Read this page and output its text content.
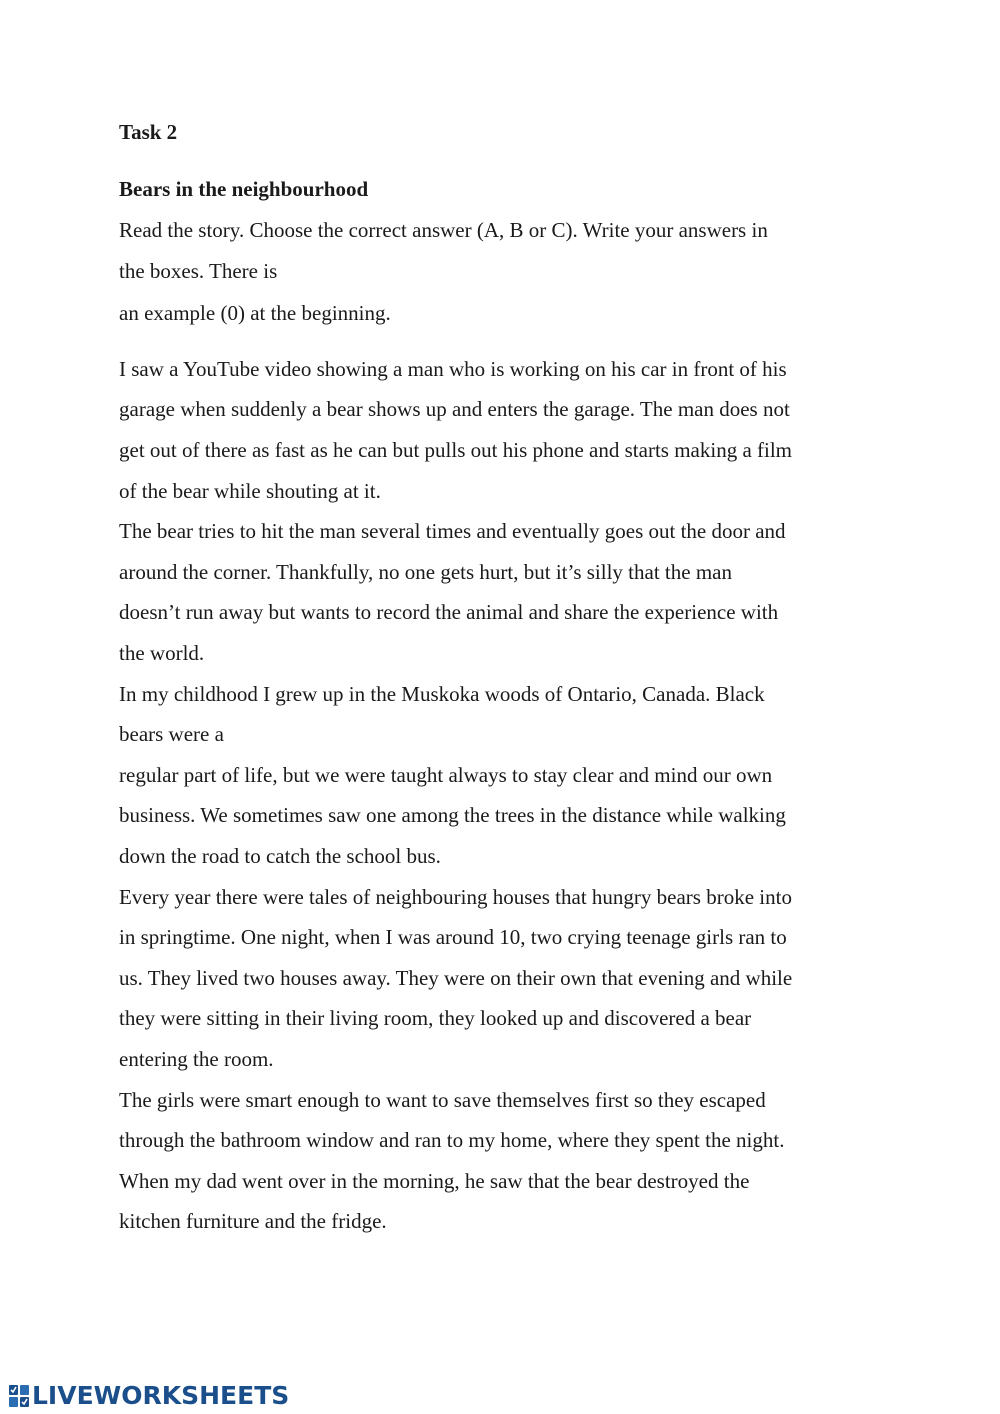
Task 2
Bears in the neighbourhood

Read the story. Choose the correct answer (A, B or C). Write your answers in

the boxes. There is

an example (0) at the beginning.

I saw a YouTube video showing a man who is working on his car in front of his

garage when suddenly a bear shows up and enters the garage. The man does not

get out of there as fast as he can but pulls out his phone and starts making a film

of the bear while shouting at it.

The bear tries to hit the man several times and eventually goes out the door and

around the corner. Thankfully, no one gets hurt, but it’s silly that the man

doesn’t run away but wants to record the animal and share the experience with

the world.

In my childhood I grew up in the Muskoka woods of Ontario, Canada. Black

bears were a

regular part of life, but we were taught always to stay clear and mind our own

business. We sometimes saw one among the trees in the distance while walking

down the road to catch the school bus.

Every year there were tales of neighbouring houses that hungry bears broke into

in springtime. One night, when I was around 10, two crying teenage girls ran to

us. They lived two houses away. They were on their own that evening and while

they were sitting in their living room, they looked up and discovered a bear

entering the room.

The girls were smart enough to want to save themselves first so they escaped

through the bathroom window and ran to my home, where they spent the night.

When my dad went over in the morning, he saw that the bear destroyed the

kitchen furniture and the fridge.

LIVEWORKSHEETS
